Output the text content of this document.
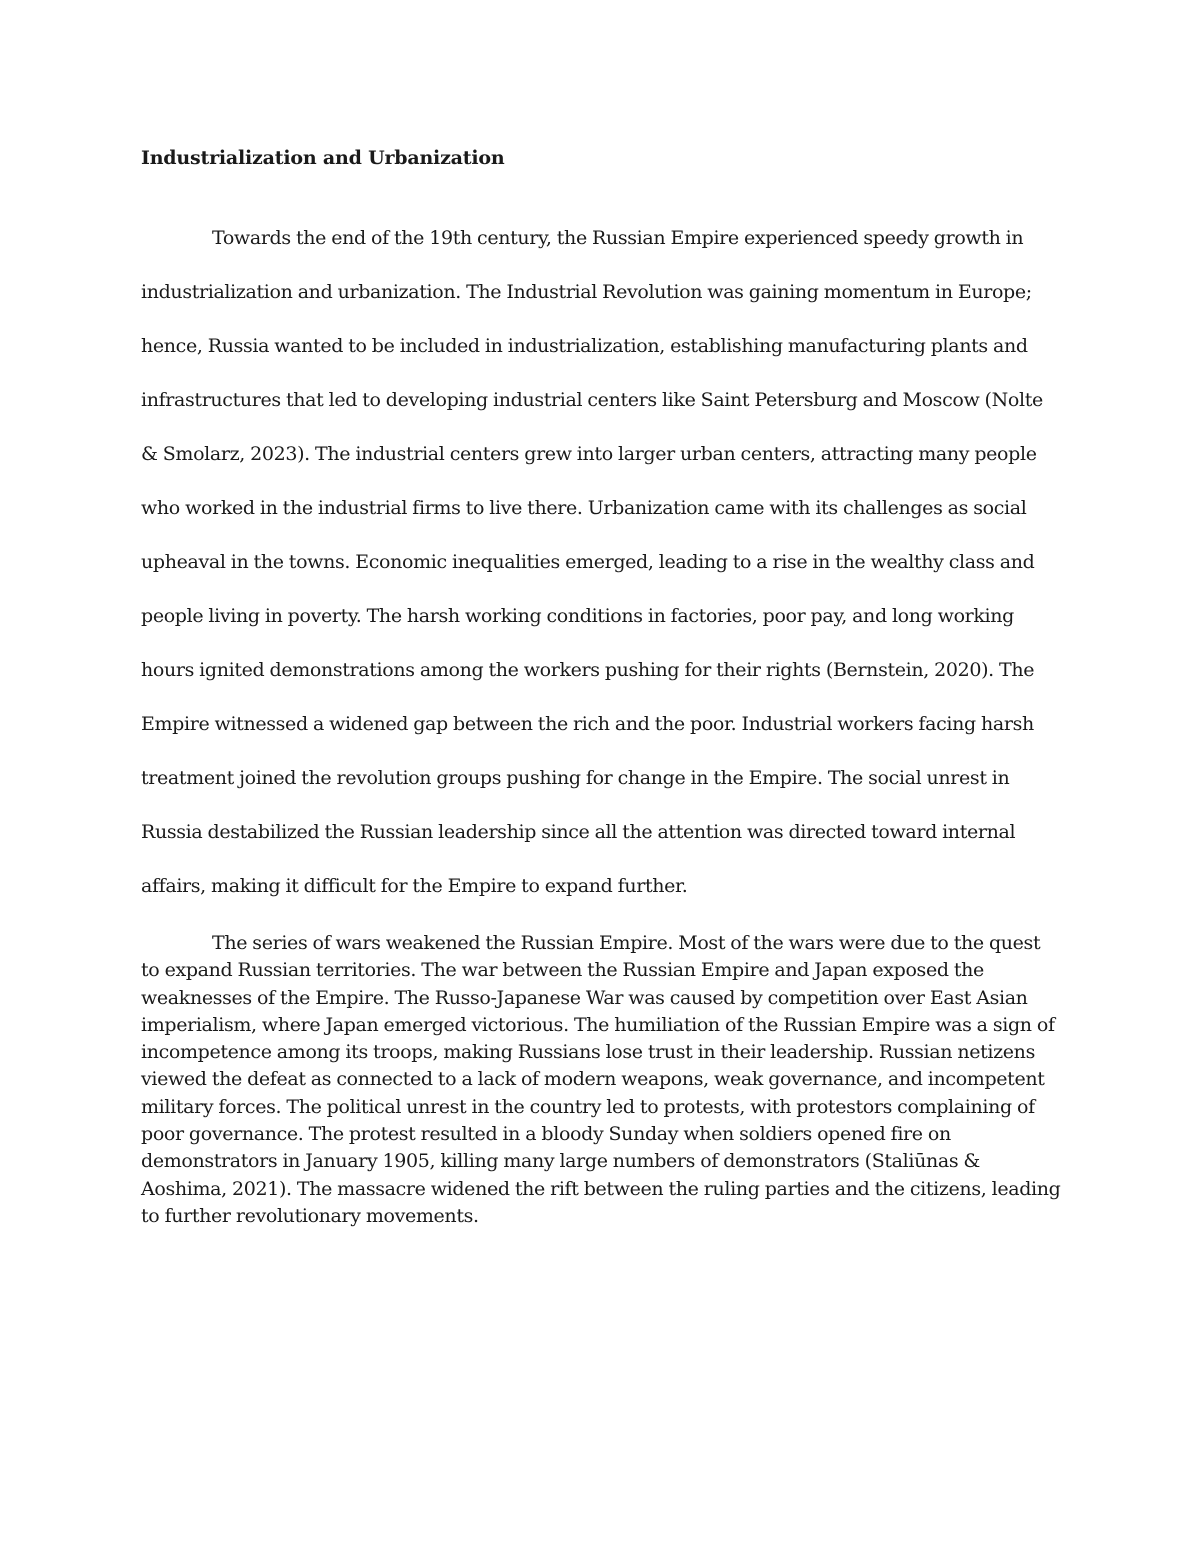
Industrialization and Urbanization

Towards the end of the 19th century, the Russian Empire experienced speedy growth in industrialization and urbanization. The Industrial Revolution was gaining momentum in Europe; hence, Russia wanted to be included in industrialization, establishing manufacturing plants and infrastructures that led to developing industrial centers like Saint Petersburg and Moscow (Nolte & Smolarz, 2023). The industrial centers grew into larger urban centers, attracting many people who worked in the industrial firms to live there. Urbanization came with its challenges as social upheaval in the towns. Economic inequalities emerged, leading to a rise in the wealthy class and people living in poverty. The harsh working conditions in factories, poor pay, and long working hours ignited demonstrations among the workers pushing for their rights (Bernstein, 2020). The Empire witnessed a widened gap between the rich and the poor. Industrial workers facing harsh treatment joined the revolution groups pushing for change in the Empire. The social unrest in Russia destabilized the Russian leadership since all the attention was directed toward internal affairs, making it difficult for the Empire to expand further.

The series of wars weakened the Russian Empire. Most of the wars were due to the quest to expand Russian territories. The war between the Russian Empire and Japan exposed the weaknesses of the Empire. The Russo-Japanese War was caused by competition over East Asian imperialism, where Japan emerged victorious. The humiliation of the Russian Empire was a sign of incompetence among its troops, making Russians lose trust in their leadership. Russian netizens viewed the defeat as connected to a lack of modern weapons, weak governance, and incompetent military forces. The political unrest in the country led to protests, with protestors complaining of poor governance. The protest resulted in a bloody Sunday when soldiers opened fire on demonstrators in January 1905, killing many large numbers of demonstrators (Staliūnas & Aoshima, 2021). The massacre widened the rift between the ruling parties and the citizens, leading to further revolutionary movements.
